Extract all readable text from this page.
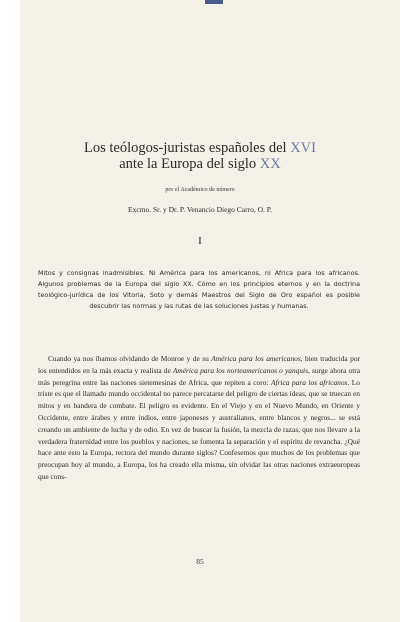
Los teólogos-juristas españoles del XVI
ante la Europa del siglo XX
por el Académico de número
Excmo. Sr. y Dr. P. Venancio Diego Carro, O. P.
I
Mitos y consignas inadmisibles. Ni América para los americanos, ni Africa para los africanos. Algunos problemas de la Europa del siglo XX. Cómo en los principios eternos y en la doctrina teológico-jurídica de los Vitoria, Soto y demás Maestros del Siglo de Oro español es posible descubrir las normas y las rutas de las soluciones justas y humanas.
Cuando ya nos íbamos olvidando de Monroe y de su América para los americanos, bien traducida por los entendidos en la más exacta y realista de América para los norteamericanos o yanquis, surge ahora otra más peregrina entre las naciones sietemesinas de Africa, que repiten a coro: Africa para los africanos. Lo triste es que el llamado mundo occidental no parece percatarse del peligro de ciertas ideas, que se truecan en mitos y en bandera de combate. El peligro es evidente. En el Viejo y en el Nuevo Mundo, en Oriente y Occidente, entre árabes y entre indios, entre japoneses y australianos, entre blancos y negros... se está creando un ambiente de lucha y de odio. En vez de buscar la fusión, la mezcla de razas, que nos llevare a la verdadera fraternidad entre los pueblos y naciones, se fomenta la separación y el espíritu de revancha. ¿Qué hace ante esto la Europa, rectora del mundo durante siglos? Confesemos que muchos de los problemas que preocupan hoy al mundo, a Europa, los ha creado ella misma, sin olvidar las otras naciones extraeuropeas que cons-
85
